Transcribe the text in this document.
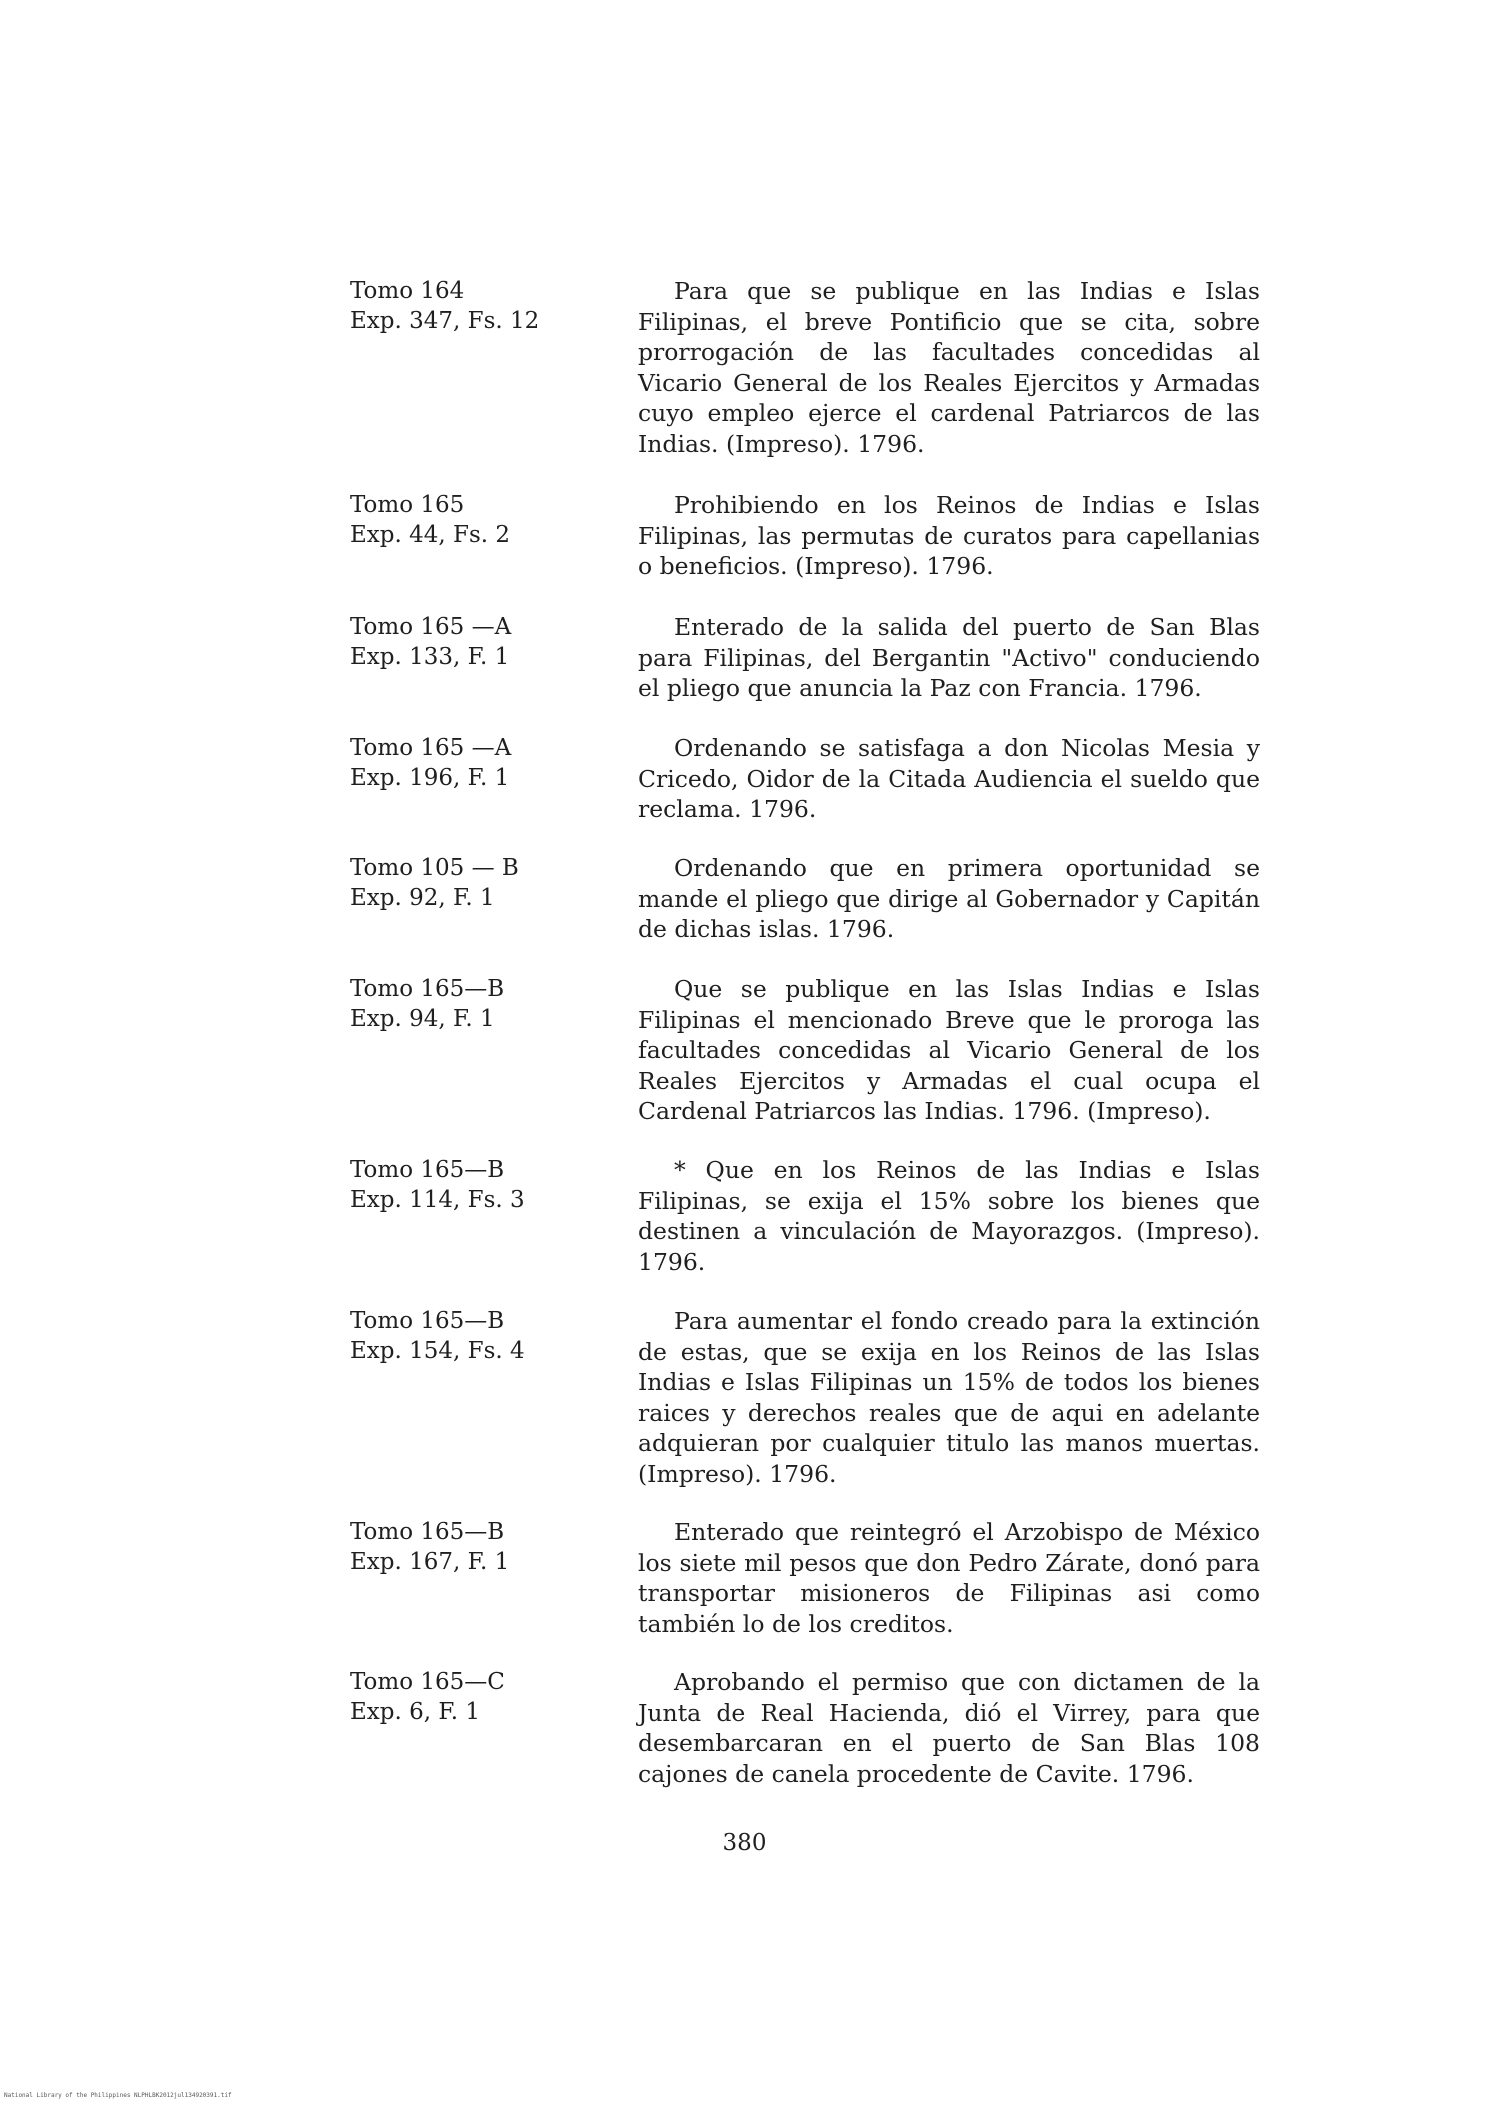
Tomo 164
Exp. 347, Fs. 12
Para que se publique en las Indias e Islas Filipinas, el breve Pontificio que se cita, sobre prorrogación de las facultades concedidas al Vicario General de los Reales Ejercitos y Armadas cuyo empleo ejerce el cardenal Patriarcos de las Indias. (Impreso). 1796.
Tomo 165
Exp. 44, Fs. 2
Prohibiendo en los Reinos de Indias e Islas Filipinas, las permutas de curatos para capellanias o beneficios. (Impreso). 1796.
Tomo 165 —A
Exp. 133, F. 1
Enterado de la salida del puerto de San Blas para Filipinas, del Bergantin "Activo" conduciendo el pliego que anuncia la Paz con Francia. 1796.
Tomo 165 —A
Exp. 196, F. 1
Ordenando se satisfaga a don Nicolas Mesia y Cricedo, Oidor de la Citada Audiencia el sueldo que reclama. 1796.
Tomo 105 — B
Exp. 92, F. 1
Ordenando que en primera oportunidad se mande el pliego que dirige al Gobernador y Capitán de dichas islas. 1796.
Tomo 165—B
Exp. 94, F. 1
Que se publique en las Islas Indias e Islas Filipinas el mencionado Breve que le proroga las facultades concedidas al Vicario General de los Reales Ejercitos y Armadas el cual ocupa el Cardenal Patriarcos las Indias. 1796. (Impreso).
Tomo 165—B
Exp. 114, Fs. 3
* Que en los Reinos de las Indias e Islas Filipinas, se exija el 15% sobre los bienes que destinen a vinculación de Mayorazgos. (Impreso). 1796.
Tomo 165—B
Exp. 154, Fs. 4
Para aumentar el fondo creado para la extinción de estas, que se exija en los Reinos de las Islas Indias e Islas Filipinas un 15% de todos los bienes raices y derechos reales que de aqui en adelante adquieran por cualquier titulo las manos muertas. (Impreso). 1796.
Tomo 165—B
Exp. 167, F. 1
Enterado que reintegró el Arzobispo de México los siete mil pesos que don Pedro Zárate, donó para transportar misioneros de Filipinas asi como también lo de los creditos.
Tomo 165—C
Exp. 6, F. 1
Aprobando el permiso que con dictamen de la Junta de Real Hacienda, dió el Virrey, para que desembarcaran en el puerto de San Blas 108 cajones de canela procedente de Cavite. 1796.
380
National Library of the Philippines NLPHLBK2012jul134920391.tif
